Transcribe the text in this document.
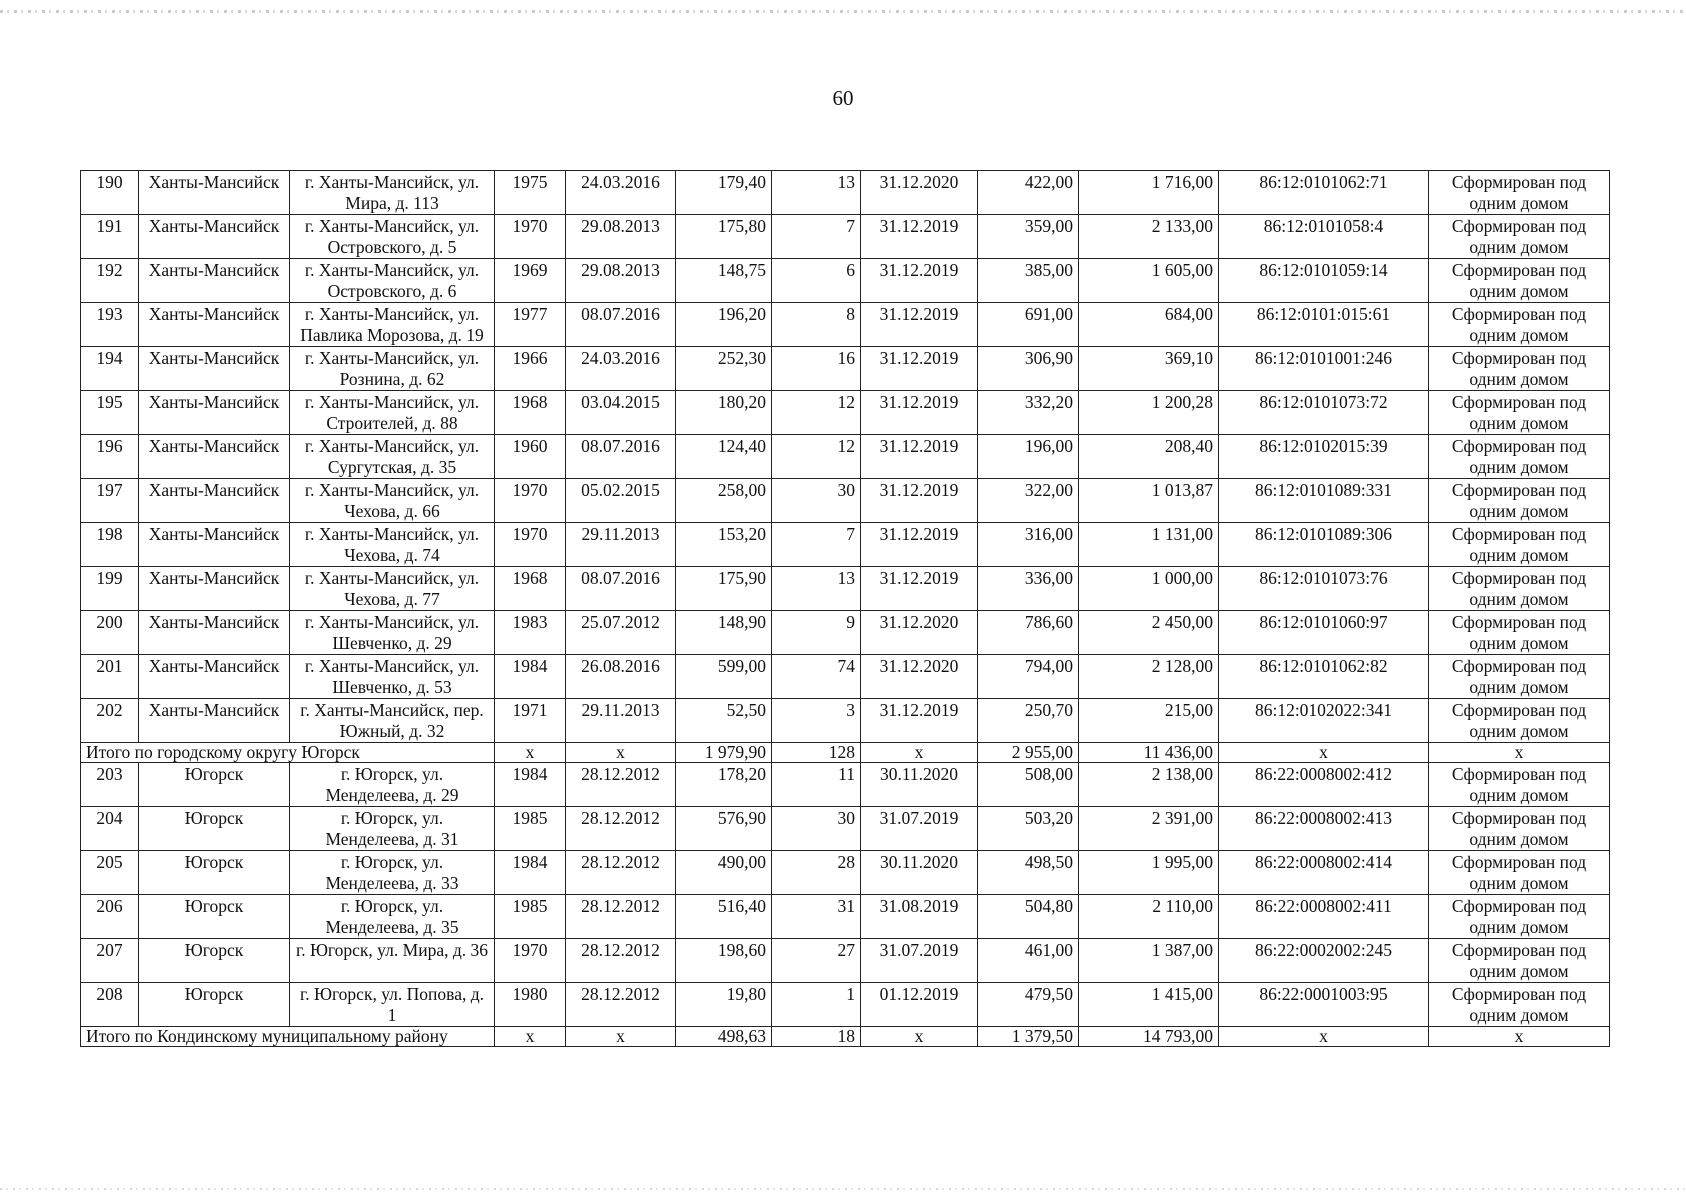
60
190	Ханты-Мансийск	г. Ханты-Мансийск, ул. Мира, д. 113	1975	24.03.2016	179,40	13	31.12.2020	422,00	1 716,00	86:12:0101062:71	Сформирован под одним домом
191	Ханты-Мансийск	г. Ханты-Мансийск, ул. Островского, д. 5	1970	29.08.2013	175,80	7	31.12.2019	359,00	2 133,00	86:12:0101058:4	Сформирован под одним домом
192	Ханты-Мансийск	г. Ханты-Мансийск, ул. Островского, д. 6	1969	29.08.2013	148,75	6	31.12.2019	385,00	1 605,00	86:12:0101059:14	Сформирован под одним домом
193	Ханты-Мансийск	г. Ханты-Мансийск, ул. Павлика Морозова, д. 19	1977	08.07.2016	196,20	8	31.12.2019	691,00	684,00	86:12:0101:015:61	Сформирован под одним домом
194	Ханты-Мансийск	г. Ханты-Мансийск, ул. Рознина, д. 62	1966	24.03.2016	252,30	16	31.12.2019	306,90	369,10	86:12:0101001:246	Сформирован под одним домом
195	Ханты-Мансийск	г. Ханты-Мансийск, ул. Строителей, д. 88	1968	03.04.2015	180,20	12	31.12.2019	332,20	1 200,28	86:12:0101073:72	Сформирован под одним домом
196	Ханты-Мансийск	г. Ханты-Мансийск, ул. Сургутская, д. 35	1960	08.07.2016	124,40	12	31.12.2019	196,00	208,40	86:12:0102015:39	Сформирован под одним домом
197	Ханты-Мансийск	г. Ханты-Мансийск, ул. Чехова, д. 66	1970	05.02.2015	258,00	30	31.12.2019	322,00	1 013,87	86:12:0101089:331	Сформирован под одним домом
198	Ханты-Мансийск	г. Ханты-Мансийск, ул. Чехова, д. 74	1970	29.11.2013	153,20	7	31.12.2019	316,00	1 131,00	86:12:0101089:306	Сформирован под одним домом
199	Ханты-Мансийск	г. Ханты-Мансийск, ул. Чехова, д. 77	1968	08.07.2016	175,90	13	31.12.2019	336,00	1 000,00	86:12:0101073:76	Сформирован под одним домом
200	Ханты-Мансийск	г. Ханты-Мансийск, ул. Шевченко, д. 29	1983	25.07.2012	148,90	9	31.12.2020	786,60	2 450,00	86:12:0101060:97	Сформирован под одним домом
201	Ханты-Мансийск	г. Ханты-Мансийск, ул. Шевченко, д. 53	1984	26.08.2016	599,00	74	31.12.2020	794,00	2 128,00	86:12:0101062:82	Сформирован под одним домом
202	Ханты-Мансийск	г. Ханты-Мансийск, пер. Южный, д. 32	1971	29.11.2013	52,50	3	31.12.2019	250,70	215,00	86:12:0102022:341	Сформирован под одним домом
Итого по городскому округу Югорск			х	х	1 979,90	128	х	2 955,00	11 436,00	х	х
203	Югорск	г. Югорск, ул. Менделеева, д. 29	1984	28.12.2012	178,20	11	30.11.2020	508,00	2 138,00	86:22:0008002:412	Сформирован под одним домом
204	Югорск	г. Югорск, ул. Менделеева, д. 31	1985	28.12.2012	576,90	30	31.07.2019	503,20	2 391,00	86:22:0008002:413	Сформирован под одним домом
205	Югорск	г. Югорск, ул. Менделеева, д. 33	1984	28.12.2012	490,00	28	30.11.2020	498,50	1 995,00	86:22:0008002:414	Сформирован под одним домом
206	Югорск	г. Югорск, ул. Менделеева, д. 35	1985	28.12.2012	516,40	31	31.08.2019	504,80	2 110,00	86:22:0008002:411	Сформирован под одним домом
207	Югорск	г. Югорск, ул. Мира, д. 36	1970	28.12.2012	198,60	27	31.07.2019	461,00	1 387,00	86:22:0002002:245	Сформирован под одним домом
208	Югорск	г. Югорск, ул. Попова, д. 1	1980	28.12.2012	19,80	1	01.12.2019	479,50	1 415,00	86:22:0001003:95	Сформирован под одним домом
Итого по Кондинскому муниципальному району			х	х	498,63	18	х	1 379,50	14 793,00	х	х
